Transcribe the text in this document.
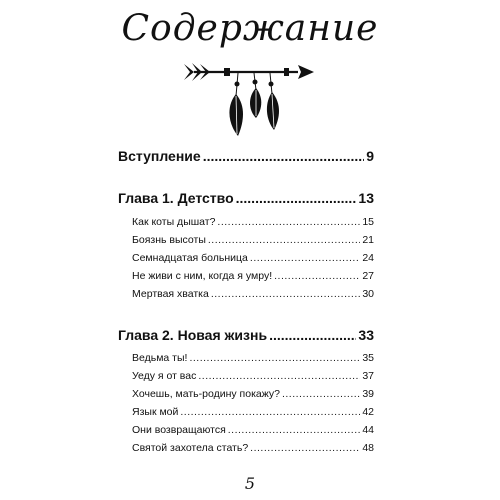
Содержание
Вступление .....	9
Глава 1. Детство .....	13
Как коты дышат? .....	15
Боязнь высоты .....	21
Семнадцатая больница .....	24
Не живи с ним, когда я умру! .....	27
Мертвая хватка .....	30
Глава 2. Новая жизнь .....	33
Ведьма ты! .....	35
Уеду я от вас .....	37
Хочешь, мать-родину покажу? .....	39
Язык мой .....	42
Они возвращаются .....	44
Святой захотела стать? .....	48
5
